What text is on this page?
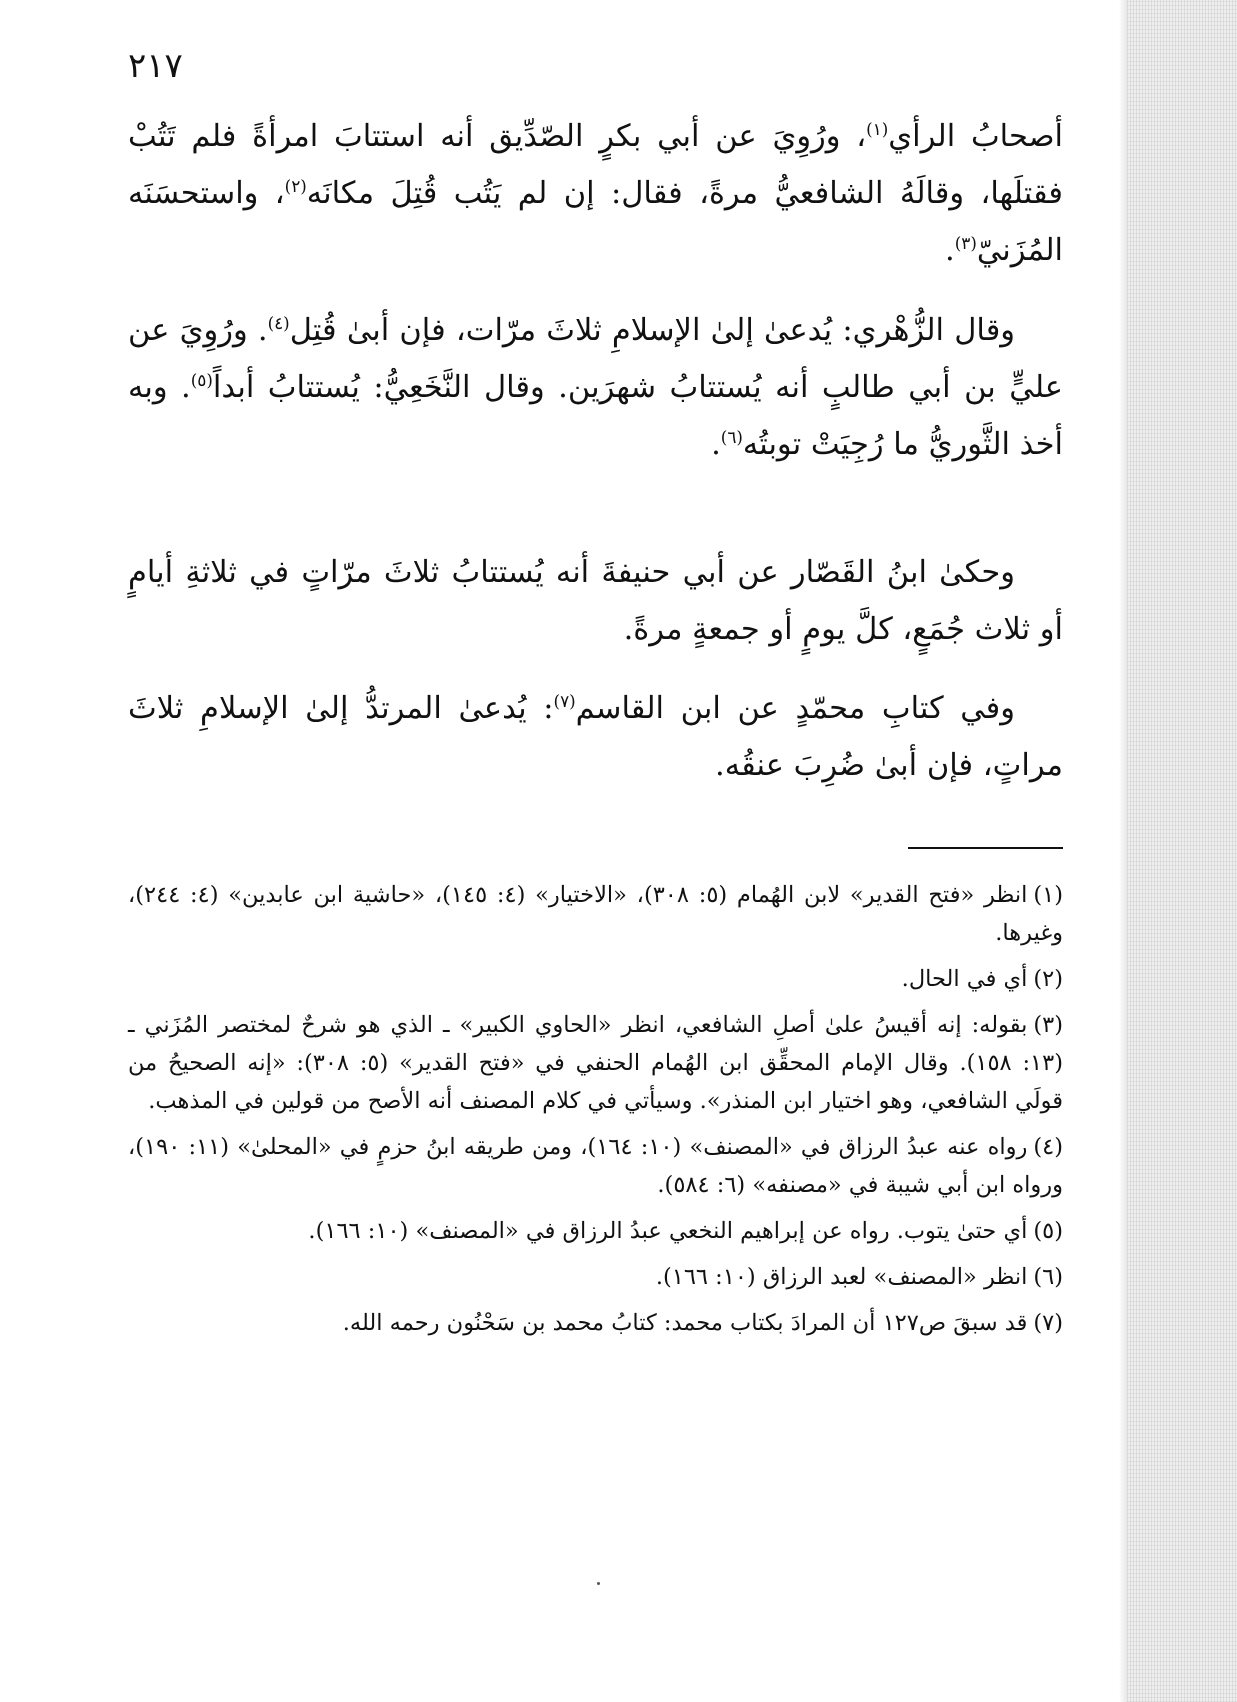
٢١٧

أصحابُ الرأي$^{(١)}$، ورُوِيَ عن أبي بكرٍ الصّدِّيق أنه استتابَ امرأةً فلم تَتُبْ فقتلَها، وقالَهُ الشافعيُّ مرةً، فقال: إن لم يَتُب قُتِلَ مكانَه$^{(٢)}$، واستحسَنَه المُزَنيّ$^{(٣)}$.

وقال الزُّهْري: يُدعىٰ إلىٰ الإسلامِ ثلاثَ مرّات، فإن أبىٰ قُتِل$^{(٤)}$. ورُوِيَ عن عليٍّ بن أبي طالبٍ أنه يُستتابُ شهرَين. وقال النَّخَعِيُّ: يُستتابُ أبداً$^{(٥)}$. وبه أخذ الثَّوريُّ ما رُجِيَتْ توبتُه$^{(٦)}$.

وحكىٰ ابنُ القَصّار عن أبي حنيفةَ أنه يُستتابُ ثلاثَ مرّاتٍ في ثلاثةِ أيامٍ أو ثلاث جُمَعٍ، كلَّ يومٍ أو جمعةٍ مرةً.

وفي كتابِ محمّدٍ عن ابن القاسم$^{(٧)}$: يُدعىٰ المرتدُّ إلىٰ الإسلامِ ثلاثَ مراتٍ، فإن أبىٰ ضُرِبَ عنقُه.

(١)انظر «فتح القدير» لابن الهُمام (٥: ٣٠٨)، «الاختيار» (٤: ١٤٥)، «حاشية ابن عابدين» (٤: ٢٤٤)، وغيرها.
(٢)أي في الحال.
(٣)بقوله: إنه أقيسُ علىٰ أصلِ الشافعي، انظر «الحاوي الكبير» ـ الذي هو شرحٌ لمختصر المُزَني ـ (١٣: ١٥٨). وقال الإمام المحقِّق ابن الهُمام الحنفي في «فتح القدير» (٥: ٣٠٨): «إنه الصحيحُ من قولَي الشافعي، وهو اختيار ابن المنذر». وسيأتي في كلام المصنف أنه الأصح من قولين في المذهب.
(٤)رواه عنه عبدُ الرزاق في «المصنف» (١٠: ١٦٤)، ومن طريقه ابنُ حزمٍ في «المحلىٰ» (١١: ١٩٠)، ورواه ابن أبي شيبة في «مصنفه» (٦: ٥٨٤).
(٥)أي حتىٰ يتوب. رواه عن إبراهيم النخعي عبدُ الرزاق في «المصنف» (١٠: ١٦٦).
(٦)انظر «المصنف» لعبد الرزاق (١٠: ١٦٦).
(٧)قد سبقَ ص١٢٧ أن المرادَ بكتاب محمد: كتابُ محمد بن سَحْنُون رحمه الله.
